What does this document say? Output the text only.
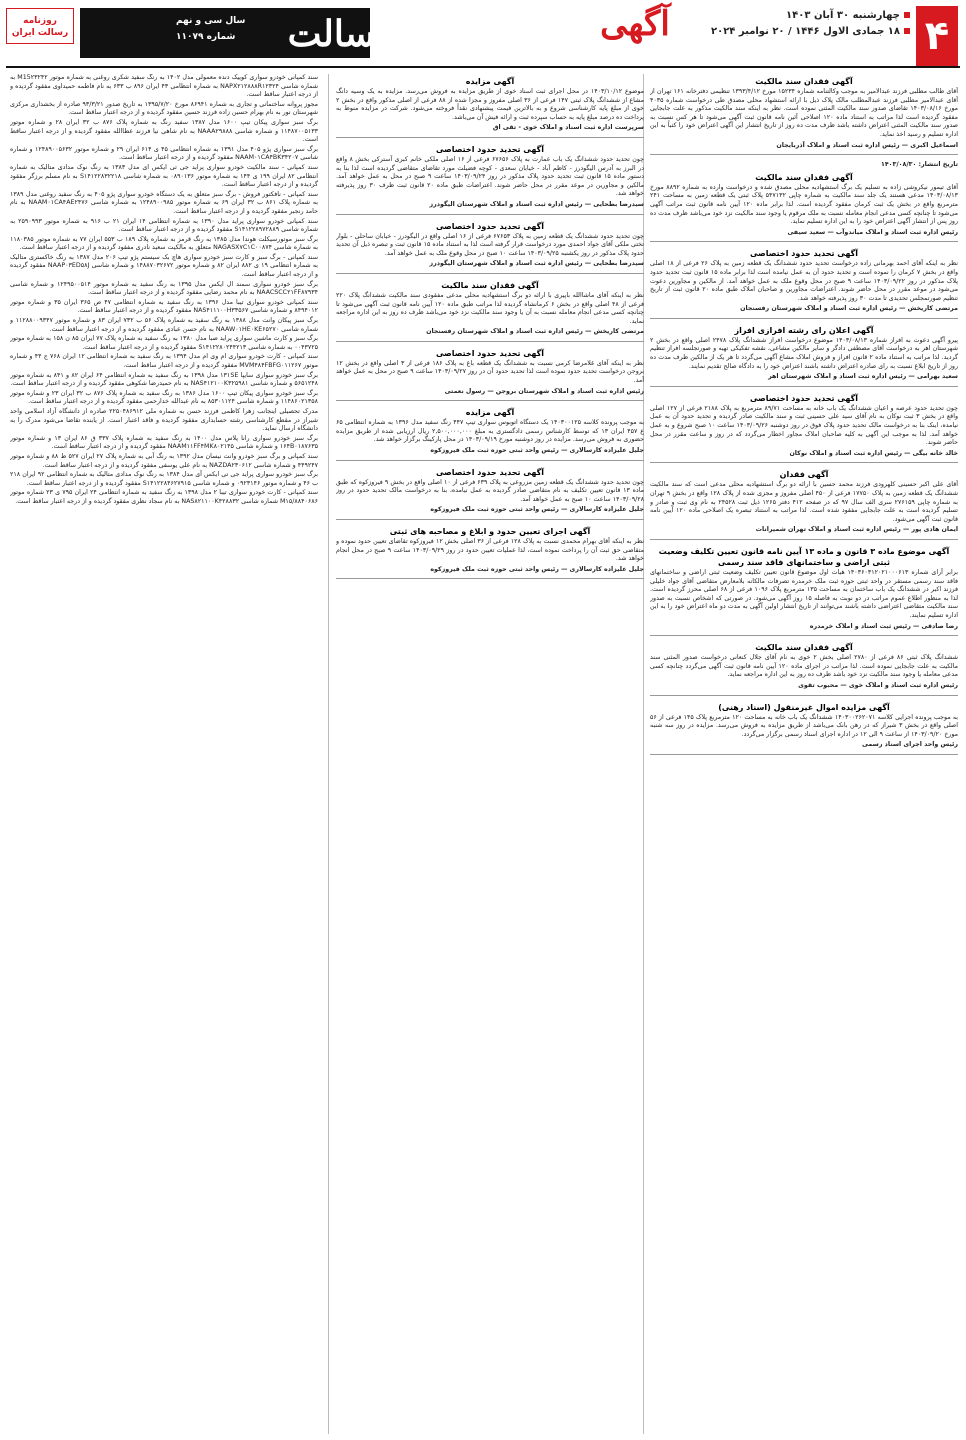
۴
چهارشنبه ۳۰ آبان ۱۴۰۳
۱۸ جمادی الاول ۱۴۴۶ / ۲۰ نوامبر ۲۰۲۴
آگهی
رسالت
سال سی و نهم
شماره ۱۱۰۷۹
روزنامه رسالت ایران
آگهی فقدان سند مالکیت

آقای طالب مطلبی فرزند عبدالامیر به موجب وکالتنامه شماره ۱۵۲۳۴ مورخ ۱۳۹۳/۴/۱۲ تنظیمی دفترخانه ۱۶۱ تهران از آقای عبدالامیر مطلبی فرزند عبدالمطلب مالک پلاک ذیل با ارائه استشهاد محلی مصدق طی درخواست شماره ۴۰۳۵ مورخ ۱۴۰۳/۰۸/۱۶ تقاضای صدور سند مالکیت المثنی نموده است. نظر به اینکه سند مالکیت مذکور به علت جابجایی مفقود گردیده است لذا مراتب به استناد ماده ۱۲۰ اصلاحی آئین نامه قانون ثبت آگهی می‌شود تا هر کس نسبت به صدور سند مالکیت المثنی اعتراض داشته باشد ظرف مدت ده روز از تاریخ انتشار این آگهی اعتراض خود را کتباً به این اداره تسلیم و رسید اخذ نماید.

اسماعیل اکبری — رئیس اداره ثبت اسناد و املاک آذربایجان
تاریخ انتشار: ۱۴۰۳/۰۸/۳۰
آگهی فقدان سند مالکیت

آقای تیمور نیکروشی زاده به تسلیم یک برگ استشهادیه محلی مصدق شده و درخواست وارده به شماره ۸۸۹۲ مورخ ۱۴۰۳/۰۸/۱۳ مدعی هستند یک جلد سند مالکیت به شماره چاپی ۵۴۷۱۳۲ پلاک ثبتی یک قطعه زمین به مساحت ۲۴۱ مترمربع واقع در بخش یک ثبت کرمان مفقود گردیده است. لذا برابر ماده ۱۲۰ آیین نامه قانون ثبت مراتب آگهی می‌شود تا چنانچه کسی مدعی انجام معامله نسبت به ملک مرقوم یا وجود سند مالکیت نزد خود می‌باشد ظرف مدت ده روز پس از انتشار آگهی اعتراض خود را به این اداره تسلیم نماید.

رئیس اداره ثبت اسناد و املاک میاندوآب — سعید سیفی
آگهی تحدید حدود اختصاصی

نظر به اینکه آقای احمد بهرمانی زاده درخواست تحدید حدود ششدانگ یک قطعه زمین به پلاک ۲۶ فرعی از ۱۸ اصلی واقع در بخش ۷ کرمان را نموده است و تحدید حدود آن به عمل نیامده است لذا برابر ماده ۱۵ قانون ثبت تحدید حدود پلاک مذکور در روز ۱۴۰۳/۰۹/۲۲ ساعت ۹ صبح در محل وقوع ملک به عمل خواهد آمد. از مالکین و مجاورین دعوت می‌شود در موعد مقرر در محل حاضر شوند. اعتراضات مجاورین و صاحبان املاک طبق ماده ۲۰ قانون ثبت از تاریخ تنظیم صورتمجلس تحدیدی تا مدت ۳۰ روز پذیرفته خواهد شد.

مرتضی کاریخش — رئیس اداره ثبت اسناد و املاک شهرستان رفسنجان
آگهی اعلان رای رشته افرازی افراز

پیرو آگهی دعوت به افراز شماره ۱۴۰۳/۰۸/۱۳ موضوع درخواست افراز ششدانگ پلاک ۲۴۷۸ اصلی واقع در بخش ۲ شهرستان اهر به درخواست آقای مصطفی دادگر و سایر مالکین مشاعی، نقشه تفکیکی تهیه و صورتجلسه افراز تنظیم گردید. لذا مراتب به استناد ماده ۲ قانون افراز و فروش املاک مشاع آگهی می‌گردد تا هر یک از مالکین ظرف مدت ده روز از تاریخ ابلاغ نسبت به رای صادره اعتراض داشته باشند اعتراض خود را به دادگاه صالح تقدیم نمایند.

سعید بهرامی — رئیس اداره ثبت اسناد و املاک شهرستان اهر
آگهی تحدید حدود اختصاصی

چون تحدید حدود عرصه و اعیان ششدانگ یک باب خانه به مساحت ۸۹/۷۱ مترمربع به پلاک ۲۱۸۸ فرعی از ۱۲۷ اصلی واقع در بخش ۳ ثبت نوکان به نام آقای سید علی حسینی ثبت و سند مالکیت صادر گردیده و تحدید حدود آن به عمل نیامده، اینک بنا به درخواست مالک تحدید حدود پلاک فوق در روز دوشنبه ۱۴۰۳/۰۹/۲۶ ساعت ۱۰ صبح شروع و به عمل خواهد آمد. لذا به موجب این آگهی به کلیه صاحبان املاک مجاور اخطار می‌گردد که در روز و ساعت مقرر در محل حاضر شوند.

خالد خانه بیگی — رئیس اداره ثبت اسناد و املاک نوکان
آگهی فقدان

آقای علی اکبر حسینی کلهرودی فرزند محمد حسین با ارائه دو برگ استشهادیه محلی مدعی است که سند مالکیت ششدانگ یک قطعه زمین به پلاک ۱۷۷۵۰ فرعی از ۴۵۰ اصلی مفروز و مجزی شده از پلاک ۱۲۸ واقع در بخش ۹ تهران به شماره چاپی ۲۷۶۱۵۹ سری الف سال ۹۷ که در صفحه ۴۱۲ دفتر ۱۲۶۵ ذیل ثبت ۲۴۵۲۸ به نام وی ثبت و صادر و تسلیم گردیده است به علت جابجایی مفقود شده است. لذا مراتب به استناد تبصره یک اصلاحی ماده ۱۲۰ آیین نامه قانون ثبت آگهی می‌شود.

ایمان هادی پور — رئیس اداره ثبت اسناد و املاک تهران شمیرانات
آگهی موضوع ماده ۳ قانون و ماده ۱۳ آیین نامه قانون تعیین تکلیف وضعیت ثبتی اراضی و ساختمانهای فاقد سند رسمی

برابر آرای شماره ۱۴۰۳۶۰۳۱۲۰۲۱۰۰۰۶۱۳ هیات اول موضوع قانون تعیین تکلیف وضعیت ثبتی اراضی و ساختمانهای فاقد سند رسمی مستقر در واحد ثبتی حوزه ثبت ملک خرمدره تصرفات مالکانه بلامعارض متقاضی آقای جواد خلیلی فرزند اکبر در ششدانگ یک باب ساختمان به مساحت ۱۳۵ مترمربع پلاک ۱۰۹۶ فرعی از ۶۸ اصلی محرز گردیده است. لذا به منظور اطلاع عموم مراتب در دو نوبت به فاصله ۱۵ روز آگهی می‌شود. در صورتی که اشخاص نسبت به صدور سند مالکیت متقاضی اعتراضی داشته باشند می‌توانند از تاریخ انتشار اولین آگهی به مدت دو ماه اعتراض خود را به این اداره تسلیم نمایند.

رضا صادقی — رئیس ثبت اسناد و املاک خرمدره
آگهی فقدان سند مالکیت

ششدانگ پلاک ثبتی ۸۶ فرعی از ۲۷۸۰ اصلی بخش ۲ خوی به نام آقای جلال کنعانی درخواست صدور المثنی سند مالکیت به علت جابجایی نموده است. لذا مراتب در اجرای ماده ۱۲۰ آیین نامه قانون ثبت آگهی می‌گردد چنانچه کسی مدعی معامله یا وجود سند مالکیت نزد خود باشد ظرف ده روز به این اداره مراجعه نماید.

رئیس اداره ثبت اسناد و املاک خوی — محبوب تقوی
آگهی مزایده اموال غیرمنقول (اسناد رهنی)

به موجب پرونده اجرایی کلاسه ۱۴۰۳۰۰۲۶۲۰۷۱ ششدانگ یک باب خانه به مساحت ۱۲۰ مترمربع پلاک ۱۴۵ فرعی از ۵۶ اصلی واقع در بخش ۳ شیراز که در رهن بانک می‌باشد از طریق مزایده به فروش می‌رسد. مزایده در روز سه شنبه مورخ ۱۴۰۳/۰۹/۲۰ از ساعت ۹ الی ۱۲ در اداره اجرای اسناد رسمی برگزار می‌گردد.

رئیس واحد اجرای اسناد رسمی
آگهی مزایده

موضوع ۱۴۰۳/۱۰/۱۲ در محل اجرای ثبت اسناد خوی از طریق مزایده به فروش می‌رسد. مزایده به یک وسیه دانگ مشاع از ششدانگ پلاک ثبتی ۱۴۷ فرعی از ۳۶ اصلی مفروز و مجزا شده از ۸۸ فرعی از اصلی مذکور واقع در بخش ۲ خوی از مبلغ پایه کارشناسی شروع و به بالاترین قیمت پیشنهادی نقداً فروخته می‌شود. شرکت در مزایده منوط به پرداخت ده درصد مبلغ پایه به حساب سپرده ثبت و ارائه فیش آن می‌باشد.

سرپرست اداره ثبت اسناد و املاک خوی - تقی اق
آگهی تحدید حدود اختصاصی

چون تحدید حدود ششدانگ یک باب عمارت به پلاک ۶۷۶۵۶ فرعی از ۱۶ اصلی ملکی خانم کبری آسترکی بخش ۸ واقع در البرز به آدرس الیگودرز - کاظم آباد - خیابان سعدی - کوچه فضیلت مورد تقاضای متقاضی گردیده است لذا بنا به دستور ماده ۱۵ قانون ثبت تحدید حدود پلاک مذکور در روز ۱۴۰۳/۰۹/۲۴ ساعت ۹ صبح در محل به عمل خواهد آمد. مالکین و مجاورین در موعد مقرر در محل حاضر شوند. اعتراضات طبق ماده ۲۰ قانون ثبت ظرف ۳۰ روز پذیرفته خواهد شد.

سیدرضا بطحایی — رئیس اداره ثبت اسناد و املاک شهرستان الیگودرز
آگهی تحدید حدود اختصاصی

چون تحدید حدود ششدانگ یک قطعه زمین به پلاک ۶۷۶۵۳ فرعی از ۱۶ اصلی واقع در الیگودرز - خیابان ساحلی - بلوار تختی ملکی آقای جواد احمدی مورد درخواست قرار گرفته است لذا به استناد ماده ۱۵ قانون ثبت و تبصره ذیل آن تحدید حدود پلاک مذکور در روز یکشنبه ۱۴۰۳/۰۹/۲۵ ساعت ۱۰ صبح در محل وقوع ملک به عمل خواهد آمد.

سیدرضا بطحایی — رئیس اداره ثبت اسناد و املاک شهرستان الیگودرز
آگهی فقدان سند مالکیت

نظر به اینکه آقای ماشاالله باپیری با ارائه دو برگ استشهادیه محلی مدعی مفقودی سند مالکیت ششدانگ پلاک ۲۲۰ فرعی از ۴۸ اصلی واقع در بخش ۶ کرمانشاه گردیده لذا مراتب طبق ماده ۱۲۰ آیین نامه قانون ثبت آگهی می‌شود تا چنانچه کسی مدعی انجام معامله نسبت به آن یا وجود سند مالکیت نزد خود می‌باشد ظرف ده روز به این اداره مراجعه نماید.

مرتضی کاریخش — رئیس اداره ثبت اسناد و املاک شهرستان رفسنجان
آگهی تحدید حدود اختصاصی

نظر به اینکه آقای غلامرضا کرمی نسبت به ششدانگ یک قطعه باغ به پلاک ۱۸۶ فرعی از ۳ اصلی واقع در بخش ۱۲ بروجن درخواست تحدید حدود نموده است لذا تحدید حدود آن در روز ۱۴۰۳/۰۹/۲۷ ساعت ۹ صبح در محل به عمل خواهد آمد.

رئیس اداره ثبت اسناد و املاک شهرستان بروجن — رسول نعمتی
آگهی مزایده

به موجب پرونده کلاسه ۱۴۰۳۰۰۱۲۵ یک دستگاه اتوبوس سواری تیپ ۴۴۷ رنگ سفید مدل ۱۳۹۶ به شماره انتظامی ۶۵ ع ۴۵۷ ایران ۱۳ که توسط کارشناس رسمی دادگستری به مبلغ ۲,۵۰۰,۰۰۰,۰۰۰ ریال ارزیابی شده از طریق مزایده حضوری به فروش می‌رسد. مزایده در روز دوشنبه مورخ ۱۴۰۳/۰۹/۱۹ در محل پارکینگ برگزار خواهد شد.

جلیل علیزاده کارسالاری — رئیس واحد ثبتی حوزه ثبت ملک فیروزکوه
آگهی تحدید حدود اختصاصی

چون تحدید حدود ششدانگ یک قطعه زمین مزروعی به پلاک ۶۳۹ فرعی از ۱۰ اصلی واقع در بخش ۹ فیروزکوه که طبق ماده ۱۳ قانون تعیین تکلیف به نام متقاضی صادر گردیده به عمل نیامده، بنا به درخواست مالک تحدید حدود در روز ۱۴۰۳/۰۹/۲۸ ساعت ۱۰ صبح به عمل خواهد آمد.

جلیل علیزاده کارسالاری — رئیس واحد ثبتی حوزه ثبت ملک فیروزکوه
آگهی اجرای تعیین حدود و ابلاغ و مصاحبه های ثبتی

نظر به اینکه آقای بهرام محمدی نسبت به پلاک ۱۲۸ فرعی از ۳۶ اصلی بخش ۱۲ فیروزکوه تقاضای تعیین حدود نموده و متقاضی حق ثبت آن را پرداخت نموده است، لذا عملیات تعیین حدود در روز ۱۴۰۳/۰۹/۲۹ ساعت ۹ صبح در محل انجام خواهد شد.

جلیل علیزاده کارسالاری — رئیس واحد ثبتی حوزه ثبت ملک فیروزکوه

سند کمپانی خودرو سواری کوییک دنده معمولی مدل ۱۴۰۲ به رنگ سفید شکری روغنی به شماره موتور M15۲۳۲۴۲ به شماره شاسی NAPX۲۱۲۸۸۸R۱۲۳۲۴ به شماره انتظامی ۴۳ ایران ۸۹۶ ب ۶۳۳ به نام فاطمه حمیداوی مفقود گردیده و از درجه اعتبار ساقط است.

مجوز پروانه ساختمانی و تجاری به شماره ۸۶۹۴۱ مورخ ۱۳۹۵/۷/۲۰ به تاریخ صدور ۹۳/۳/۲۱ صادره از بخشداری مرکزی شهرستان نور به نام بهرام حسین زاده فرزند حسین مفقود گردیده و از درجه اعتبار ساقط است.

برگ سبز سواری پیکان تیپ ۱۶۰۰ مدل ۱۳۸۷ سفید رنگ به شماره پلاک ۸۷۶ ب ۳۲ ایران ۲۸ و شماره موتور ۱۱۴۸۷۰۰۵۱۳۳ و شماره شاسی NAAA۲۹۸۸۸ به نام شاهی نیا فرزند عطاالله مفقود گردیده و از درجه اعتبار ساقط است.

برگ سبز سواری پژو ۴۰۵ مدل ۱۳۹۱ به شماره انتظامی ۴۵ ی ۶۱۴ ایران ۲۹ و شماره موتور ۱۲۴۸۹۰۰۵۶۳۲ و شماره شاسی NAAM۰۱CA۴BK۳۴۲۰۷ مفقود گردیده و از درجه اعتبار ساقط است.

سند کمپانی - سند مالکیت خودرو سواری پراید جی تی ایکس ای مدل ۱۳۸۳ به رنگ نوک مدادی متالیک به شماره انتظامی ۸۲ ایران ۱۹۹ ی ۱۴۴ به شماره موتور ۰۸۹۰۱۳۶ به شماره شاسی S۱۴۱۲۲۸۳۲۲۱۸ به نام مسلم برزگر مفقود گردیده و از درجه اعتبار ساقط است.

سند کمپانی - نافکتور فروش - برگ سبز متعلق به یک دستگاه خودرو سواری پژو ۴۰۵ به رنگ سفید روغنی مدل ۱۳۸۹ به شماره پلاک ۸۶۱ ب ۳۲ ایران ۶۹ به شماره موتور ۱۲۴۸۹۰۰۹۸۵ به شماره شاسی NAAM۰۱CA۴AE۲۴۷۶ به نام حامد رنجبر مفقود گردیده و از درجه اعتبار ساقط است.

سند کمپانی خودرو سواری پراید مدل ۱۳۹۰ به شماره انتظامی ۱۴ ایران ۲۱ ب ۹۱۶ به شماره موتور ۲۵۹۰۹۹۳ به شماره شاسی S۱۴۱۲۲۸۹۷۲۸۸۹ مفقود گردیده و از درجه اعتبار ساقط است.

برگ سبز موتورسیکلت هوندا مدل ۱۳۸۵ به رنگ قرمز به شماره پلاک ۱۸۹ ب ۵۵۳ ایران ۷۷ به شماره موتور ۱۱۸۰۳۸۵ به شماره شاسی NAGASX۷C۱C۰۰۸۷۴ متعلق به مالکیت سعید نادری مفقود گردیده و از درجه اعتبار ساقط است.

سند کمپانی - برگ سبز و کارت سبز خودرو سواری هاچ بک سیستم پژو تیپ ۲۰۶ مدل ۱۳۸۷ به رنگ خاکستری متالیک به شماره انتظامی ۱۹ ی ۸۸۲ ایران ۸۲ و شماره موتور ۱۴۸۸۷۰۳۲۶۷۲ و شماره شاسی NAAP۰۳ED۵۸J مفقود گردیده و از درجه اعتبار ساقط است.

برگ سبز خودرو سواری سمند ال ایکس مدل ۱۳۹۵ به رنگ سفید به شماره موتور ۱۲۴۹۵۰۰۵۱۴ و شماره شاسی NAACSCC۲۱FF۸۷۹۳۴ به نام محمد رضایی مفقود گردیده و از درجه اعتبار ساقط است.

سند کمپانی خودرو سواری تیبا مدل ۱۳۹۶ به رنگ سفید به شماره انتظامی ۴۷ ص ۳۶۵ ایران ۳۵ و شماره موتور ۸۴۹۴۰۱۲ و شماره شاسی NAS۴۱۱۱۰۰H۳۳۵۶۷ مفقود گردیده و از درجه اعتبار ساقط است.

برگ سبز پیکان وانت مدل ۱۳۸۸ به رنگ سفید به شماره پلاک ۵۶ ب ۷۳۲ ایران ۸۳ و شماره موتور ۱۱۲۸۸۰۰۹۳۴۷ و شماره شاسی NAAW۰۱HE۰KE۶۵۲۷۰ به نام حسن عبادی مفقود گردیده و از درجه اعتبار ساقط است.

برگ سبز و کارت ماشین سواری پراید صبا مدل ۱۳۸۰ به رنگ سفید به شماره پلاک ۷۷ ایران ۸۵ ن ۱۵۸ به شماره موتور ۰۰۴۳۷۲۵ به شماره شاسی S۱۴۱۲۲۸۰۲۴۴۲۱۳ مفقود گردیده و از درجه اعتبار ساقط است.

سند کمپانی - کارت خودرو سواری ام وی ام مدل ۱۳۹۴ به رنگ سفید به شماره انتظامی ۱۲ ایران ۷۶۸ ج ۴۴ و شماره موتور MVM۴۸۴FBFG۰۱۱۲۶۷ مفقود گردیده و از درجه اعتبار ساقط است.

برگ سبز خودرو سواری سایپا ۱۳۱SE مدل ۱۳۹۸ به رنگ سفید به شماره انتظامی ۶۴ ایران ۸۲ و ۸۴۱ به شماره موتور ۵۶۵۱۲۴۸ و شماره شاسی NAS۴۱۲۱۰۰K۳۲۵۹۸۱ به نام حمیدرضا شکوهی مفقود گردیده و از درجه اعتبار ساقط است.

برگ سبز خودرو سواری پیکان تیپ ۱۶۰۰ مدل ۱۳۸۶ به رنگ سفید به شماره پلاک ۸۷۶ ب ۳۲ ایران ۲۳ و شماره موتور ۱۱۴۸۶۰۲۱۳۵۸ و شماره شاسی ۸۵۳۰۱۱۲۴ به نام عبدالله خدارحمی مفقود گردیده و از درجه اعتبار ساقط است.

مدرک تحصیلی اینجانب زهرا کاظمی فرزند حسن به شماره ملی ۲۲۵۰۴۸۶۹۱۲ صادره از دانشگاه آزاد اسلامی واحد شیراز در مقطع کارشناسی رشته حسابداری مفقود گردیده و فاقد اعتبار است. از یابنده تقاضا می‌شود مدرک را به دانشگاه ارسال نماید.

برگ سبز خودرو سواری رانا پلاس مدل ۱۴۰۰ به رنگ سفید به شماره پلاک ۳۳۷ ق ۸۶ ایران ۱۳ و شماره موتور ۱۶۴B۰۱۸۷۶۳۵ و شماره شاسی NAAM۱۱FF۴MK۸۰۲۱۴۵ مفقود گردیده و از درجه اعتبار ساقط است.

سند کمپانی و برگ سبز خودرو وانت نیسان مدل ۱۳۹۲ به رنگ آبی به شماره پلاک ۲۷ ایران ۵۲۷ ط ۸۸ و شماره موتور ۴۴۹۲۴۷ و شماره شاسی NAZDA۲۳۰۶۱۲ به نام علی یوسفی مفقود گردیده و از درجه اعتبار ساقط است.

برگ سبز خودرو سواری پراید جی تی ایکس آی مدل ۱۳۸۴ به رنگ نوک مدادی متالیک به شماره انتظامی ۹۲ ایران ۲۱۸ ب ۴۶ و شماره موتور ۰۹۲۳۱۴۶ و شماره شاسی S۱۴۱۲۲۸۴۶۲۷۹۱۵ مفقود گردیده و از درجه اعتبار ساقط است.

سند کمپانی - کارت خودرو سواری تیبا ۲ مدل ۱۳۹۸ به رنگ سفید به شماره انتظامی ۲۴ ایران ۷۹۵ ی ۲۳ شماره موتور M۱۵/۸۸۴۰۶۸۶ شماره شاسی NAS۸۲۱۱۰۰K۴۲۸۸۳۲ به نام سجاد نظری مفقود گردیده و از درجه اعتبار ساقط است.
